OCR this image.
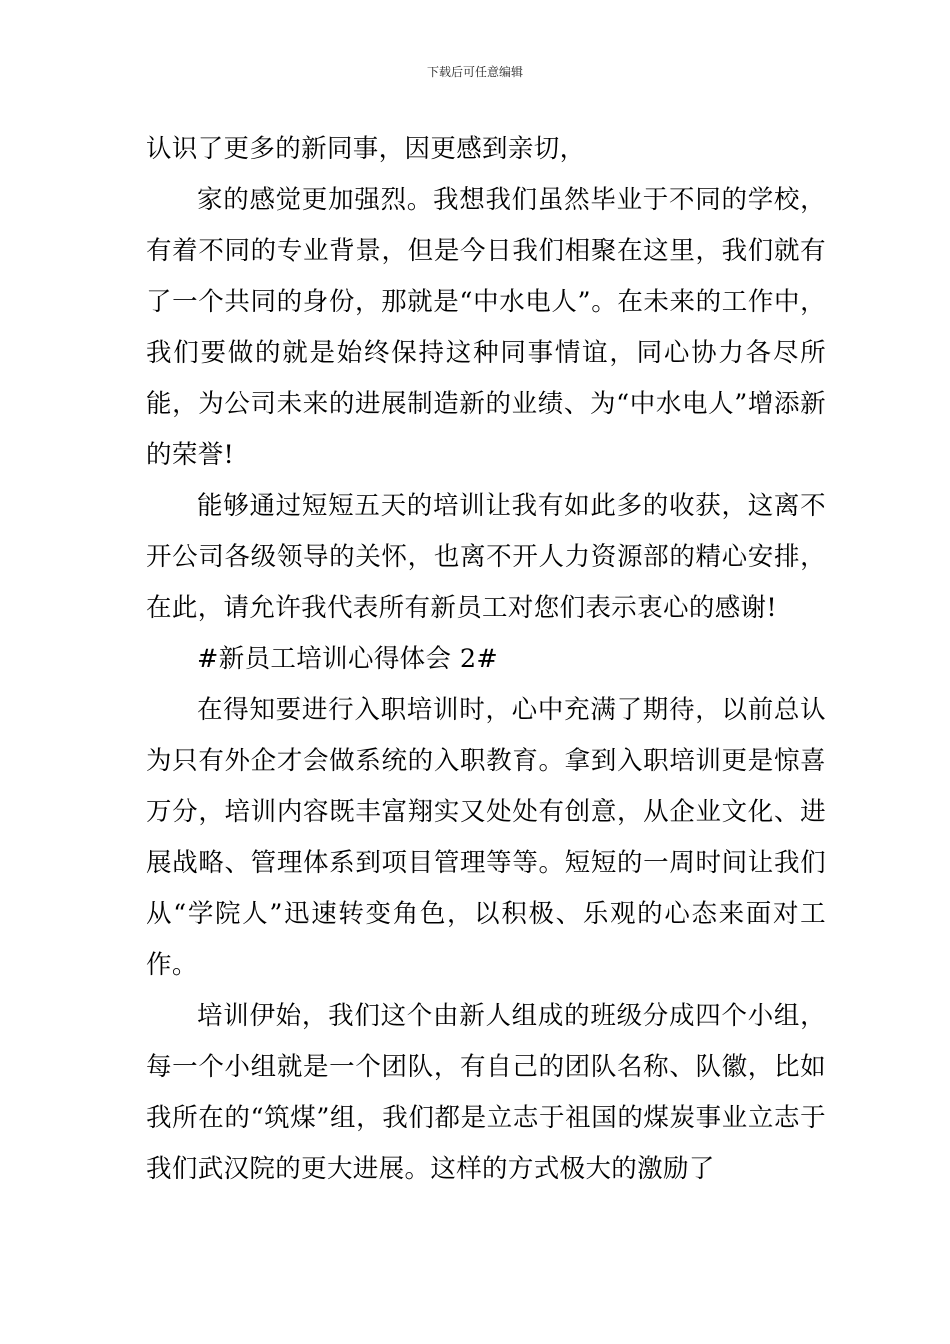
下载后可任意编辑

认识了更多的新同事，因更感到亲切，

家的感觉更加强烈。我想我们虽然毕业于不同的学校，有着不同的专业背景，但是今日我们相聚在这里，我们就有了一个共同的身份，那就是“中水电人”。在未来的工作中，我们要做的就是始终保持这种同事情谊，同心协力各尽所能，为公司未来的进展制造新的业绩、为“中水电人”增添新的荣誉!

能够通过短短五天的培训让我有如此多的收获，这离不开公司各级领导的关怀，也离不开人力资源部的精心安排，在此，请允许我代表所有新员工对您们表示衷心的感谢!

#新员工培训心得体会 2#

在得知要进行入职培训时，心中充满了期待，以前总认为只有外企才会做系统的入职教育。拿到入职培训更是惊喜万分，培训内容既丰富翔实又处处有创意，从企业文化、进展战略、管理体系到项目管理等等。短短的一周时间让我们从“学院人”迅速转变角色，以积极、乐观的心态来面对工作。

培训伊始，我们这个由新人组成的班级分成四个小组，每一个小组就是一个团队，有自己的团队名称、队徽，比如我所在的“筑煤”组，我们都是立志于祖国的煤炭事业立志于我们武汉院的更大进展。这样的方式极大的激励了
